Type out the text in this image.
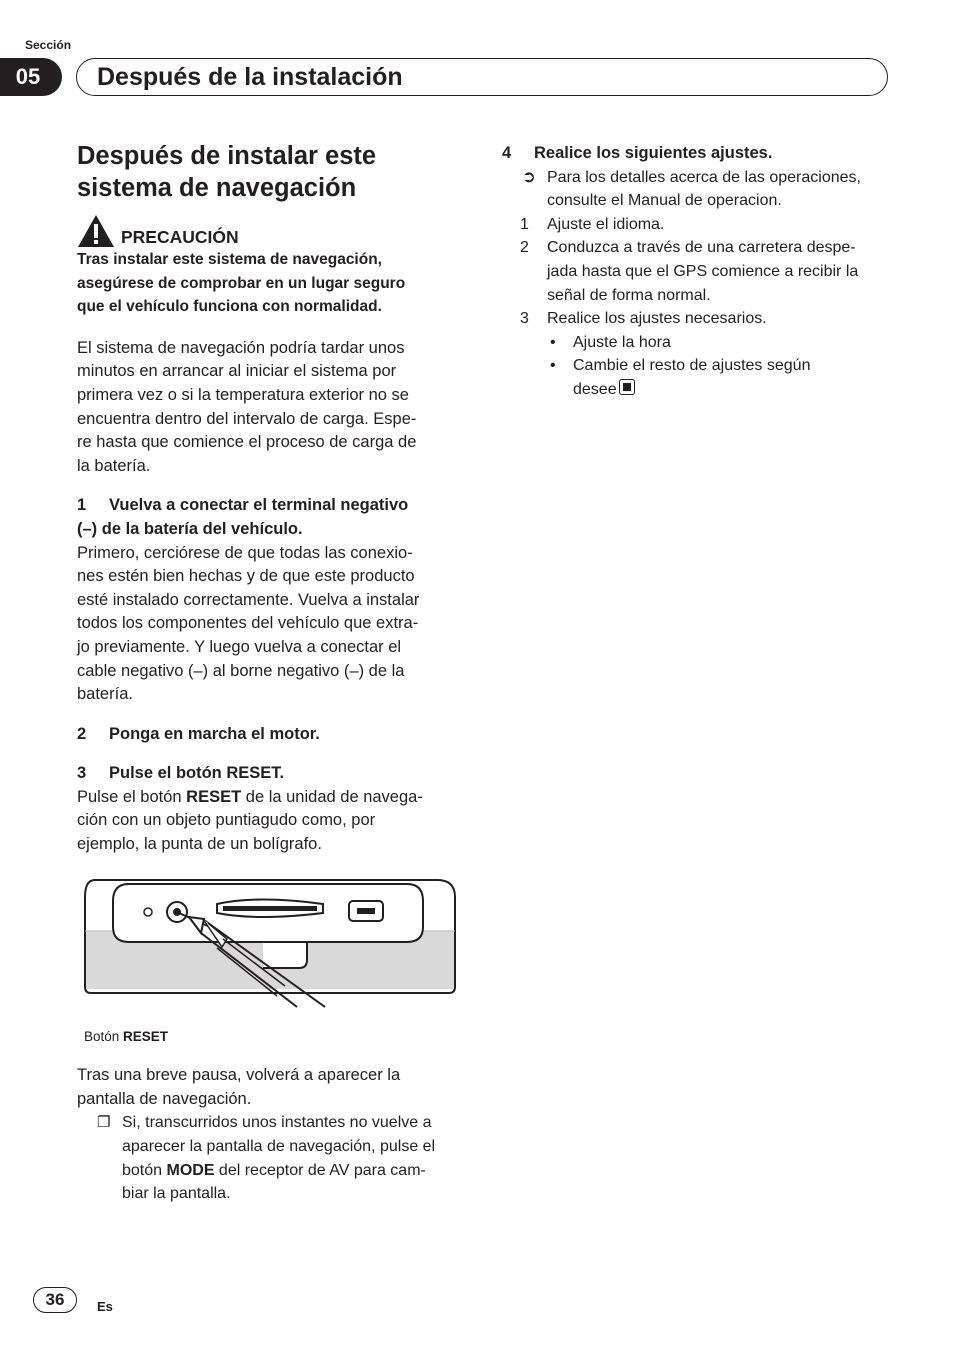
Sección
05	Después de la instalación
Después de instalar este
sistema de navegación
PRECAUCIÓN

Tras instalar este sistema de navegación,
asegúrese de comprobar en un lugar seguro
que el vehículo funciona con normalidad.

El sistema de navegación podría tardar unos
minutos en arrancar al iniciar el sistema por
primera vez o si la temperatura exterior no se
encuentra dentro del intervalo de carga. Espe-
re hasta que comience el proceso de carga de
la batería.

1 Vuelva a conectar el terminal negativo
(–) de la batería del vehículo.

Primero, cerciórese de que todas las conexio-
nes estén bien hechas y de que este producto
esté instalado correctamente. Vuelva a instalar
todos los componentes del vehículo que extra-
jo previamente. Y luego vuelva a conectar el
cable negativo (–) al borne negativo (–) de la
batería.

2 Ponga en marcha el motor.

3 Pulse el botón RESET.

Pulse el botón RESET de la unidad de navega-
ción con un objeto puntiagudo como, por
ejemplo, la punta de un bolígrafo.

Botón RESET

Tras una breve pausa, volverá a aparecer la
pantalla de navegación.

❐ Si, transcurridos unos instantes no vuelve a
aparecer la pantalla de navegación, pulse el
botón MODE del receptor de AV para cam-
biar la pantalla.

4 Realice los siguientes ajustes.

➲ Para los detalles acerca de las operaciones,
consulte el Manual de operacion.

1	Ajuste el idioma.

2	Conduzca a través de una carretera despe-
jada hasta que el GPS comience a recibir la
señal de forma normal.

3	Realice los ajustes necesarios.

•	Ajuste la hora

•	Cambie el resto de ajustes según
desee

36	Es
